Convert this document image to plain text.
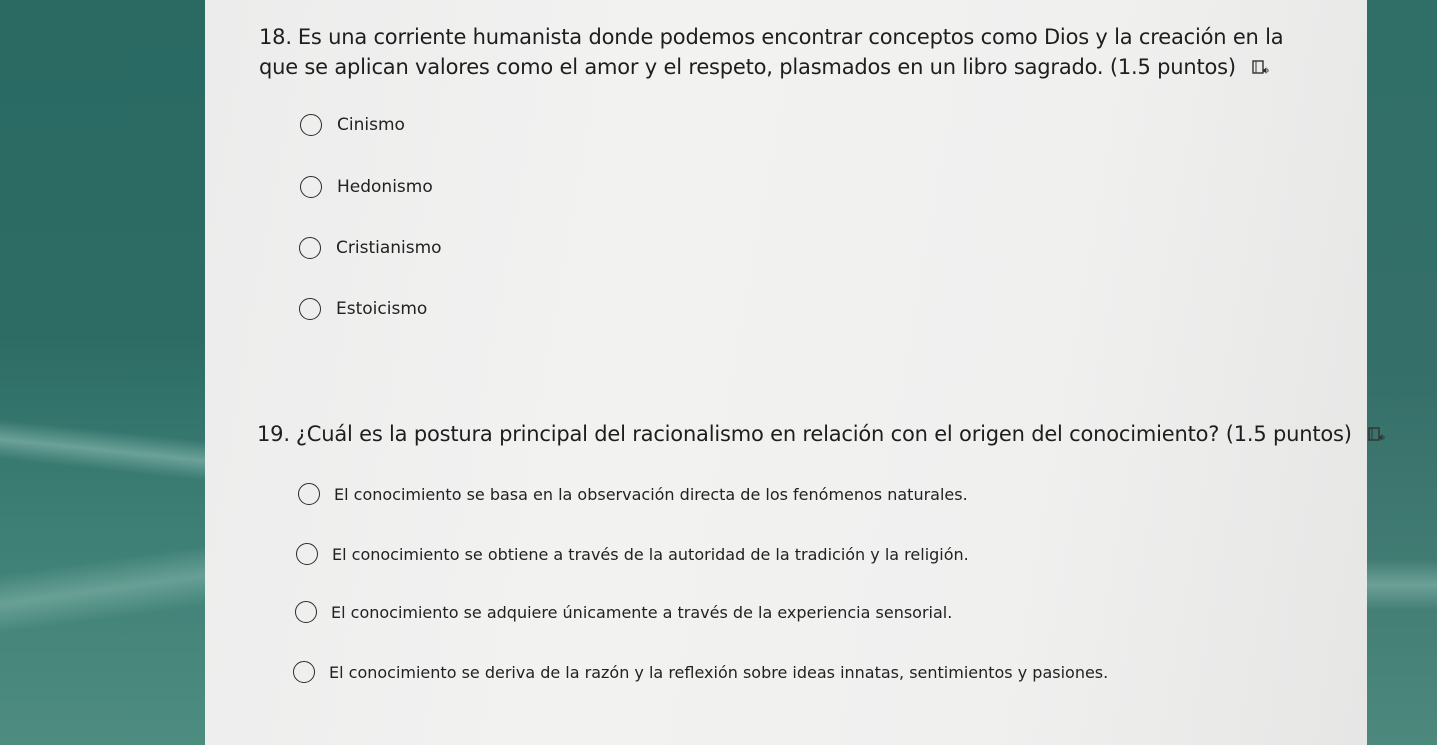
18. Es una corriente humanista donde podemos encontrar conceptos como Dios y la creación en la que se aplican valores como el amor y el respeto, plasmados en un libro sagrado. (1.5 puntos)
Cinismo
Hedonismo
Cristianismo
Estoicismo
19. ¿Cuál es la postura principal del racionalismo en relación con el origen del conocimiento? (1.5 puntos)
El conocimiento se basa en la observación directa de los fenómenos naturales.
El conocimiento se obtiene a través de la autoridad de la tradición y la religión.
El conocimiento se adquiere únicamente a través de la experiencia sensorial.
El conocimiento se deriva de la razón y la reflexión sobre ideas innatas, sentimientos y pasiones.
